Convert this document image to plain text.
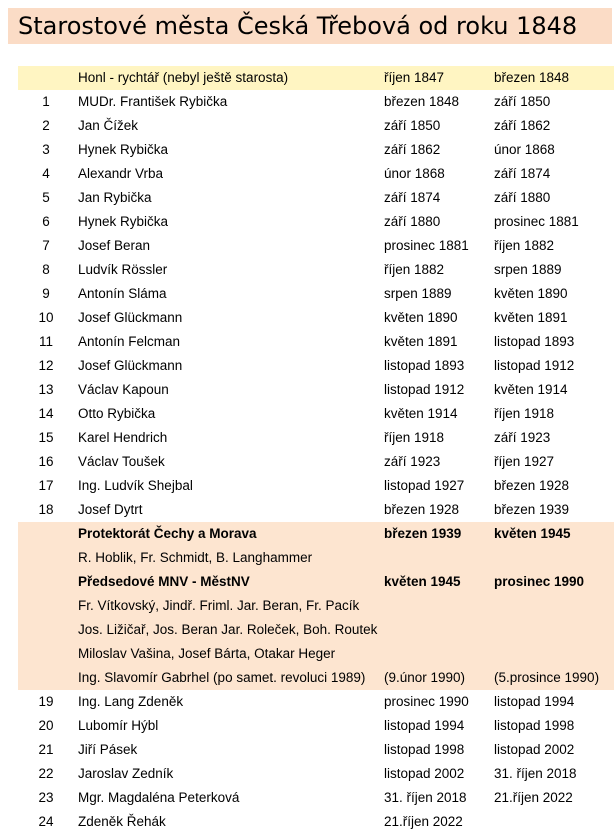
Starostové města Česká Třebová od roku 1848
Honl - rychtář (nebyl ještě starosta)	říjen 1847	březen 1848
1	MUDr. František Rybička	březen 1848	září 1850
2	Jan Čížek	září 1850	září 1862
3	Hynek Rybička	září 1862	únor 1868
4	Alexandr Vrba	únor 1868	září 1874
5	Jan Rybička	září 1874	září 1880
6	Hynek Rybička	září 1880	prosinec 1881
7	Josef Beran	prosinec 1881 říjen 1882
8	Ludvík Rössler	říjen 1882	srpen 1889
9	Antonín Sláma	srpen 1889	květen 1890
10	Josef Glückmann	květen 1890	květen 1891
11	Antonín Felcman	květen 1891	listopad 1893
12	Josef Glückmann	listopad 1893 listopad 1912
13	Václav Kapoun	listopad 1912 květen 1914
14	Otto Rybička	květen 1914	říjen 1918
15	Karel Hendrich	říjen 1918	září 1923
16	Václav Toušek	září 1923	říjen 1927
17	Ing. Ludvík Shejbal	listopad 1927 březen 1928
18	Josef Dytrt	březen 1928	březen 1939
Protektorát Čechy a Morava	březen 1939 květen 1945
R. Hoblik, Fr. Schmidt, B. Langhammer
Předsedové MNV - MěstNV	květen 1945 prosinec 1990
Fr. Vítkovský, Jindř. Friml. Jar. Beran, Fr. Pacík
Jos. Ližičař, Jos. Beran Jar. Roleček, Boh. Routek
Miloslav Vašina, Josef Bárta, Otakar Heger
Ing. Slavomír Gabrhel (po samet. revoluci 1989) (9.únor 1990) (5.prosince 1990)
19	Ing. Lang Zdeněk	prosinec 1990 listopad 1994
20	Lubomír Hýbl	listopad 1994 listopad 1998
21	Jiří Pásek	listopad 1998 listopad 2002
22	Jaroslav Zedník	listopad 2002 31. říjen 2018
23	Mgr. Magdaléna Peterková	31. říjen 2018 21.říjen 2022
24	Zdeněk Řehák	21.říjen 2022
